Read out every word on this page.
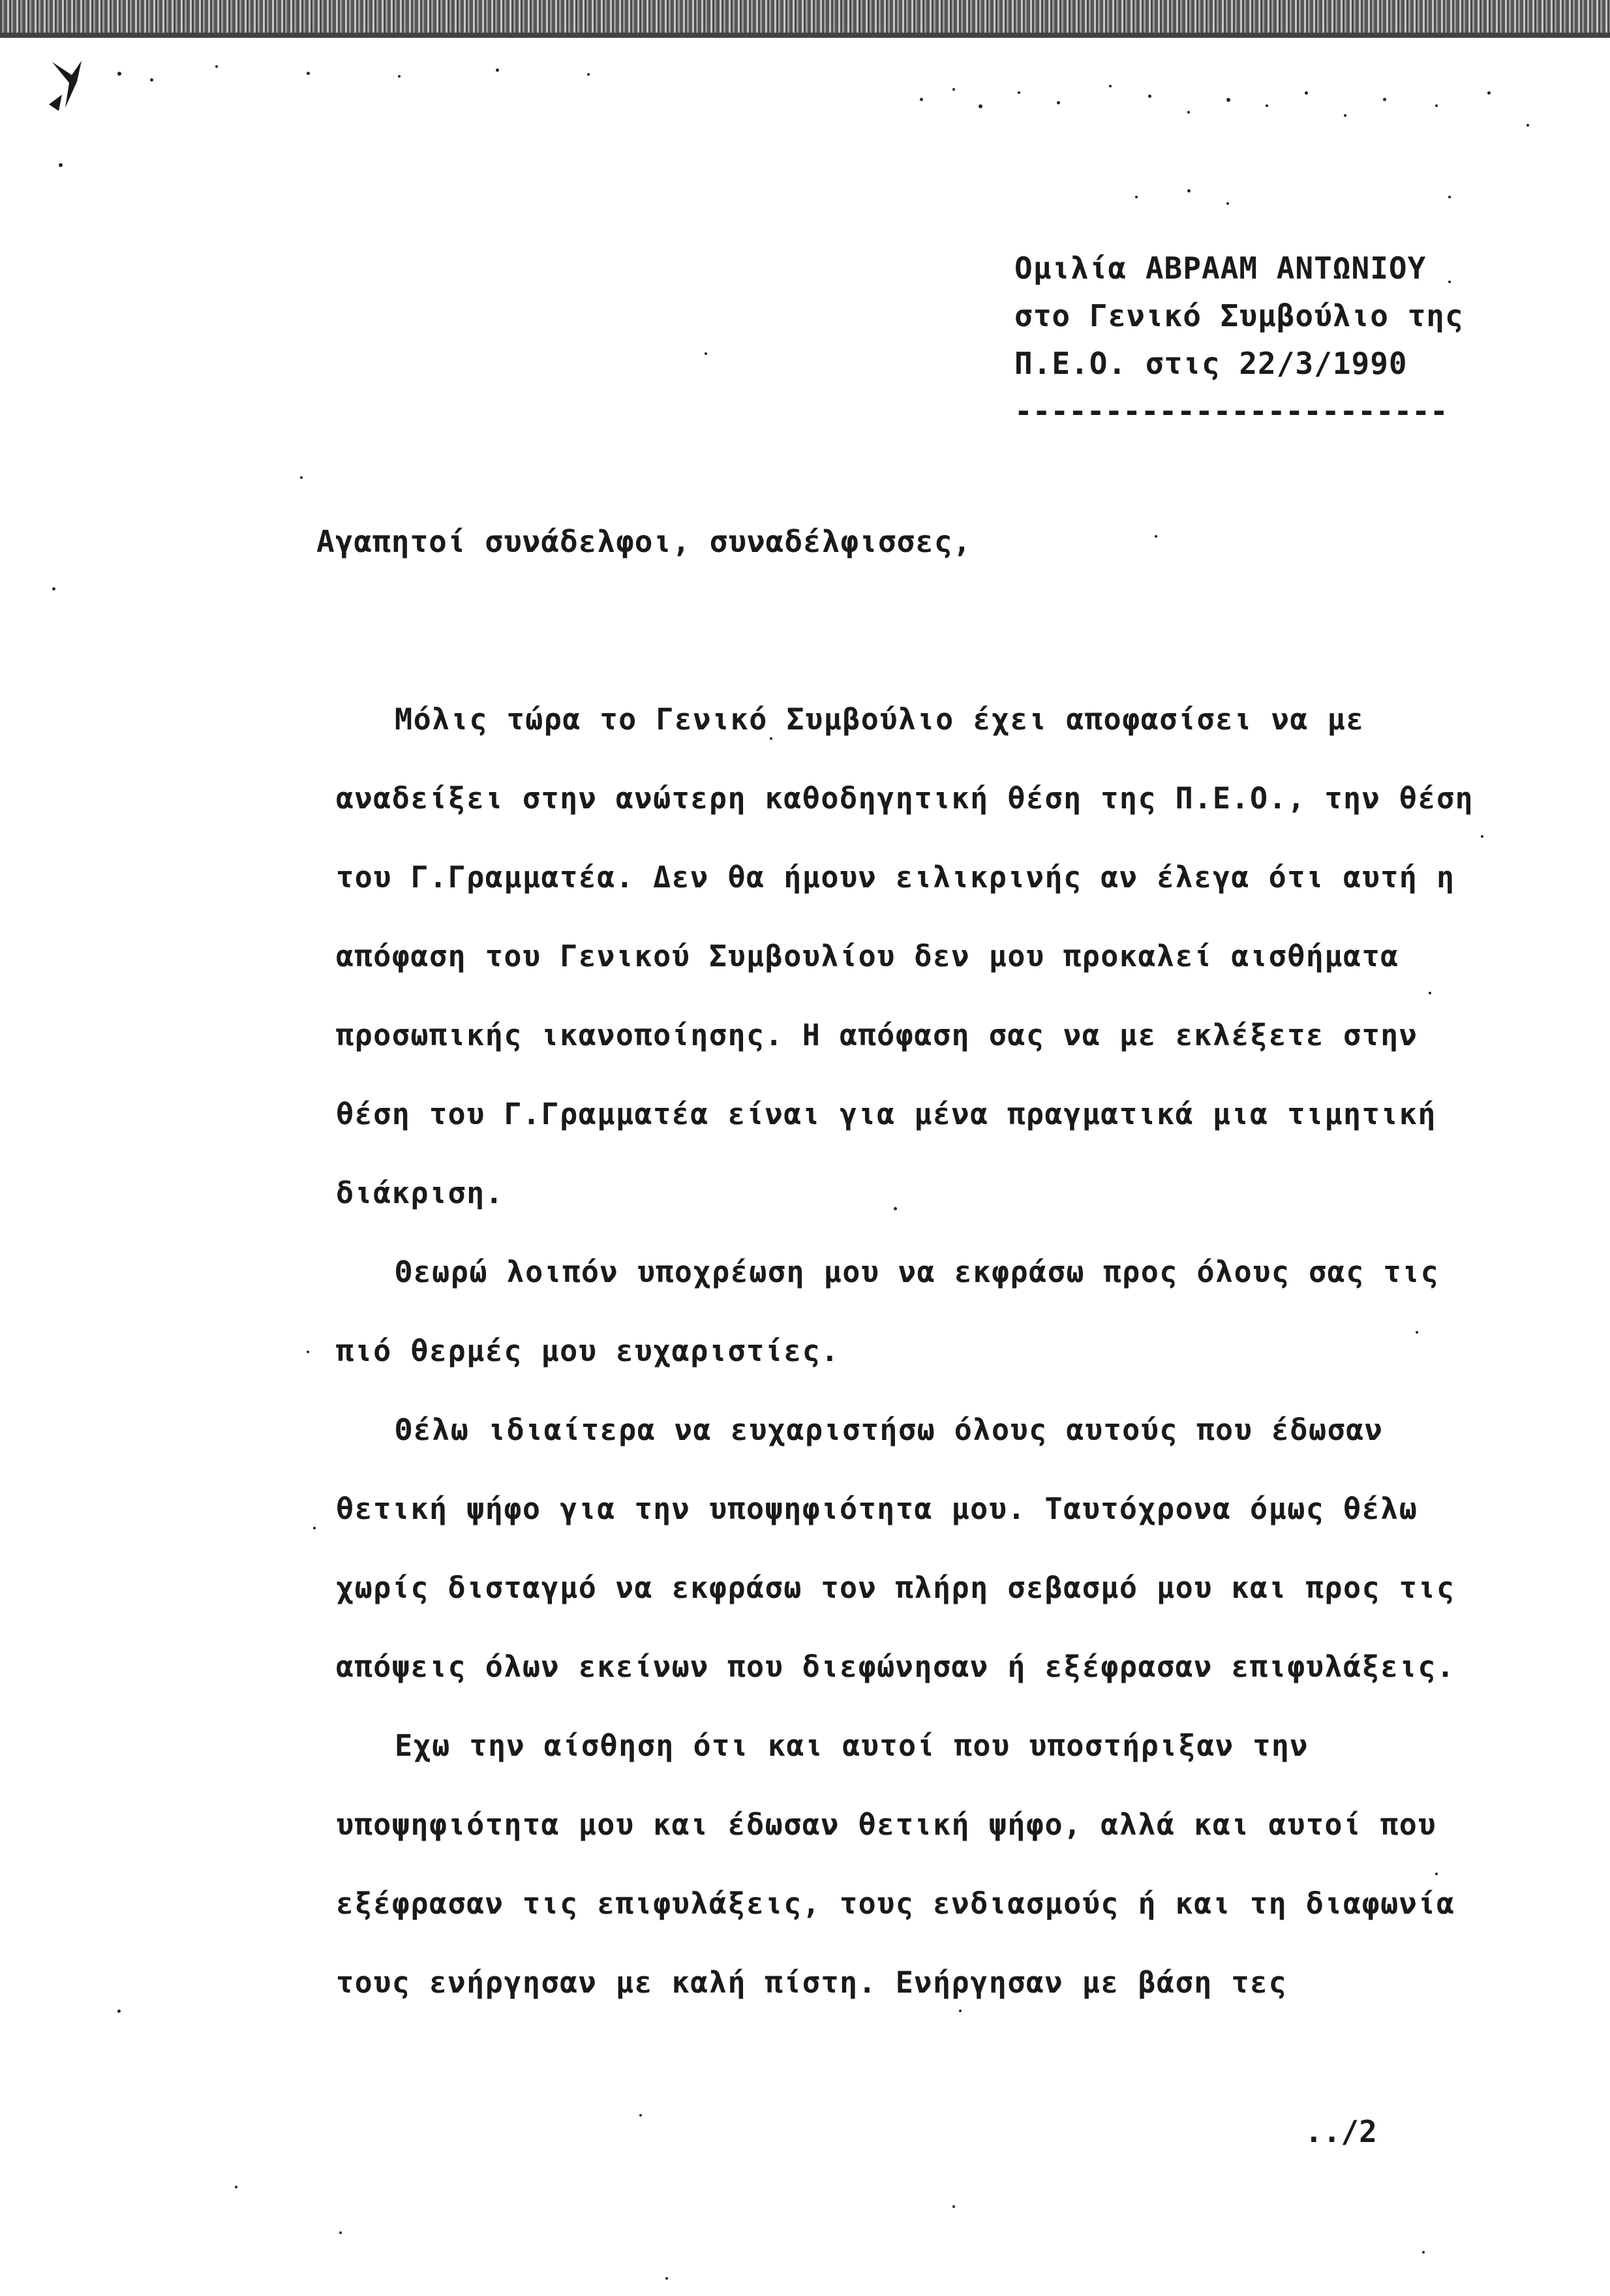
Ομιλία ΑΒΡΑΑΜ ΑΝΤΩΝΙΟΥ
στο Γενικό Συμβούλιο της
Π.Ε.Ο. στις 22/3/1990
------------------------
Αγαπητοί συνάδελφοι, συναδέλφισσες,
Μόλις τώρα το Γενικό Συμβούλιο έχει αποφασίσει να με
αναδείξει στην ανώτερη καθοδηγητική θέση της Π.Ε.Ο., την θέση
του Γ.Γραμματέα. Δεν θα ήμουν ειλικρινής αν έλεγα ότι αυτή η
απόφαση του Γενικού Συμβουλίου δεν μου προκαλεί αισθήματα
προσωπικής ικανοποίησης. Η απόφαση σας να με εκλέξετε στην
θέση του Γ.Γραμματέα είναι για μένα πραγματικά μια τιμητική
διάκριση.
Θεωρώ λοιπόν υποχρέωση μου να εκφράσω προς όλους σας τις
πιό θερμές μου ευχαριστίες.
Θέλω ιδιαίτερα να ευχαριστήσω όλους αυτούς που έδωσαν
θετική ψήφο για την υποψηφιότητα μου. Ταυτόχρονα όμως θέλω
χωρίς δισταγμό να εκφράσω τον πλήρη σεβασμό μου και προς τις
απόψεις όλων εκείνων που διεφώνησαν ή εξέφρασαν επιφυλάξεις.
Εχω την αίσθηση ότι και αυτοί που υποστήριξαν την
υποψηφιότητα μου και έδωσαν θετική ψήφο, αλλά και αυτοί που
εξέφρασαν τις επιφυλάξεις, τους ενδιασμούς ή και τη διαφωνία
τους ενήργησαν με καλή πίστη. Ενήργησαν με βάση τες
../2
